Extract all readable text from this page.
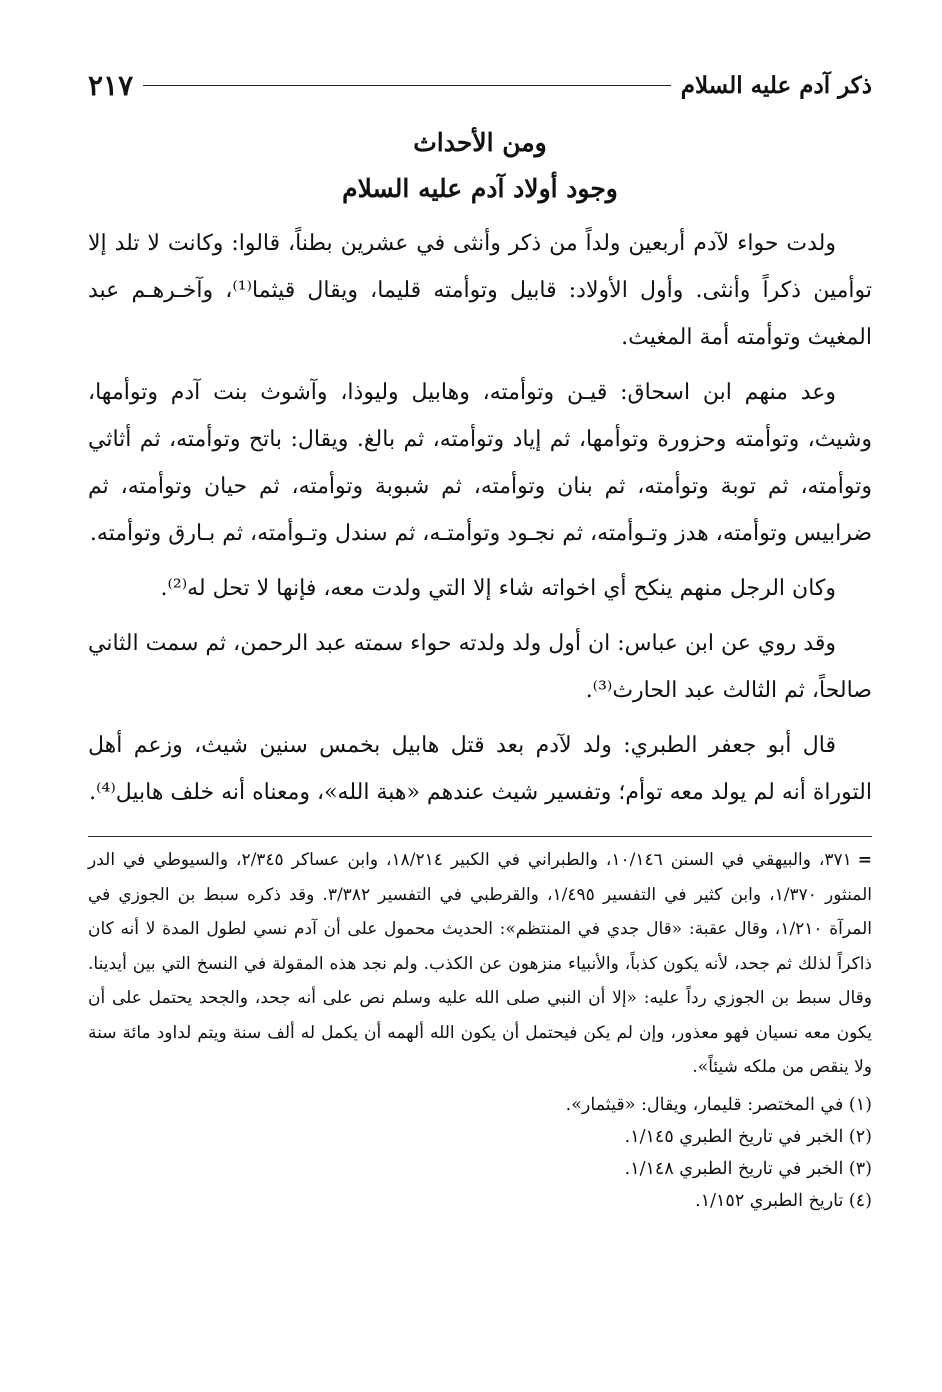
ذكر آدم عليه السلام
٢١٧
ومن الأحداث
وجود أولاد آدم عليه السلام

ولدت حواء لآدم أربعين ولداً من ذكر وأنثى في عشرين بطناً، قالوا: وكانت لا تلد إلا توأمين ذكراً وأنثى. وأول الأولاد: قابيل وتوأمته قليما، ويقال قيثما⁽¹⁾، وآخـرهـم عبد المغيث وتوأمته أمة المغيث.

وعد منهم ابن اسحاق: قيـن وتوأمته، وهابيل وليوذا، وآشوث بنت آدم وتوأمها، وشيث، وتوأمته وحزورة وتوأمها، ثم إياد وتوأمته، ثم بالغ. ويقال: باتح وتوأمته، ثم أثاثي وتوأمته، ثم توبة وتوأمته، ثم بنان وتوأمته، ثم شبوبة وتوأمته، ثم حيان وتوأمته، ثم ضرابيس وتوأمته، هدز وتـوأمته، ثم نجـود وتوأمتـه، ثم سندل وتـوأمته، ثم بـارق وتوأمته.

وكان الرجل منهم ينكح أي اخواته شاء إلا التي ولدت معه، فإنها لا تحل له⁽²⁾.

وقد روي عن ابن عباس: ان أول ولد ولدته حواء سمته عبد الرحمن، ثم سمت الثاني صالحاً، ثم الثالث عبد الحارث⁽³⁾.

قال أبو جعفر الطبري: ولد لآدم بعد قتل هابيل بخمس سنين شيث، وزعم أهل التوراة أنه لم يولد معه توأم؛ وتفسير شيث عندهم «هبة الله»، ومعناه أنه خلف هابيل⁽⁴⁾.

=٣٧١، والبيهقي في السنن ١٠/١٤٦، والطبراني في الكبير ١٨/٢١٤، وابن عساكر ٢/٣٤٥، والسيوطي في الدر المنثور ١/٣٧٠، وابن كثير في التفسير ١/٤٩٥، والقرطبي في التفسير ٣/٣٨٢. وقد ذكره سبط بن الجوزي في المرآة ١/٢١٠، وقال عقبة: «قال جدي في المنتظم»: الحديث محمول على أن آدم نسي لطول المدة لا أنه كان ذاكراً لذلك ثم جحد، لأنه يكون كذباً، والأنبياء منزهون عن الكذب. ولم نجد هذه المقولة في النسخ التي بين أيدينا. وقال سبط بن الجوزي رداً عليه: «إلا أن النبي صلى الله عليه وسلم نص على أنه جحد، والجحد يحتمل على أن يكون معه نسيان فهو معذور، وإن لم يكن فيحتمل أن يكون الله ألهمه أن يكمل له ألف سنة ويتم لداود مائة سنة ولا ينقص من ملكه شيئاً».

(١) في المختصر: قليمار، ويقال: «قيثمار».

(٢) الخبر في تاريخ الطبري ١/١٤٥.

(٣) الخبر في تاريخ الطبري ١/١٤٨.

(٤) تاريخ الطبري ١/١٥٢.
